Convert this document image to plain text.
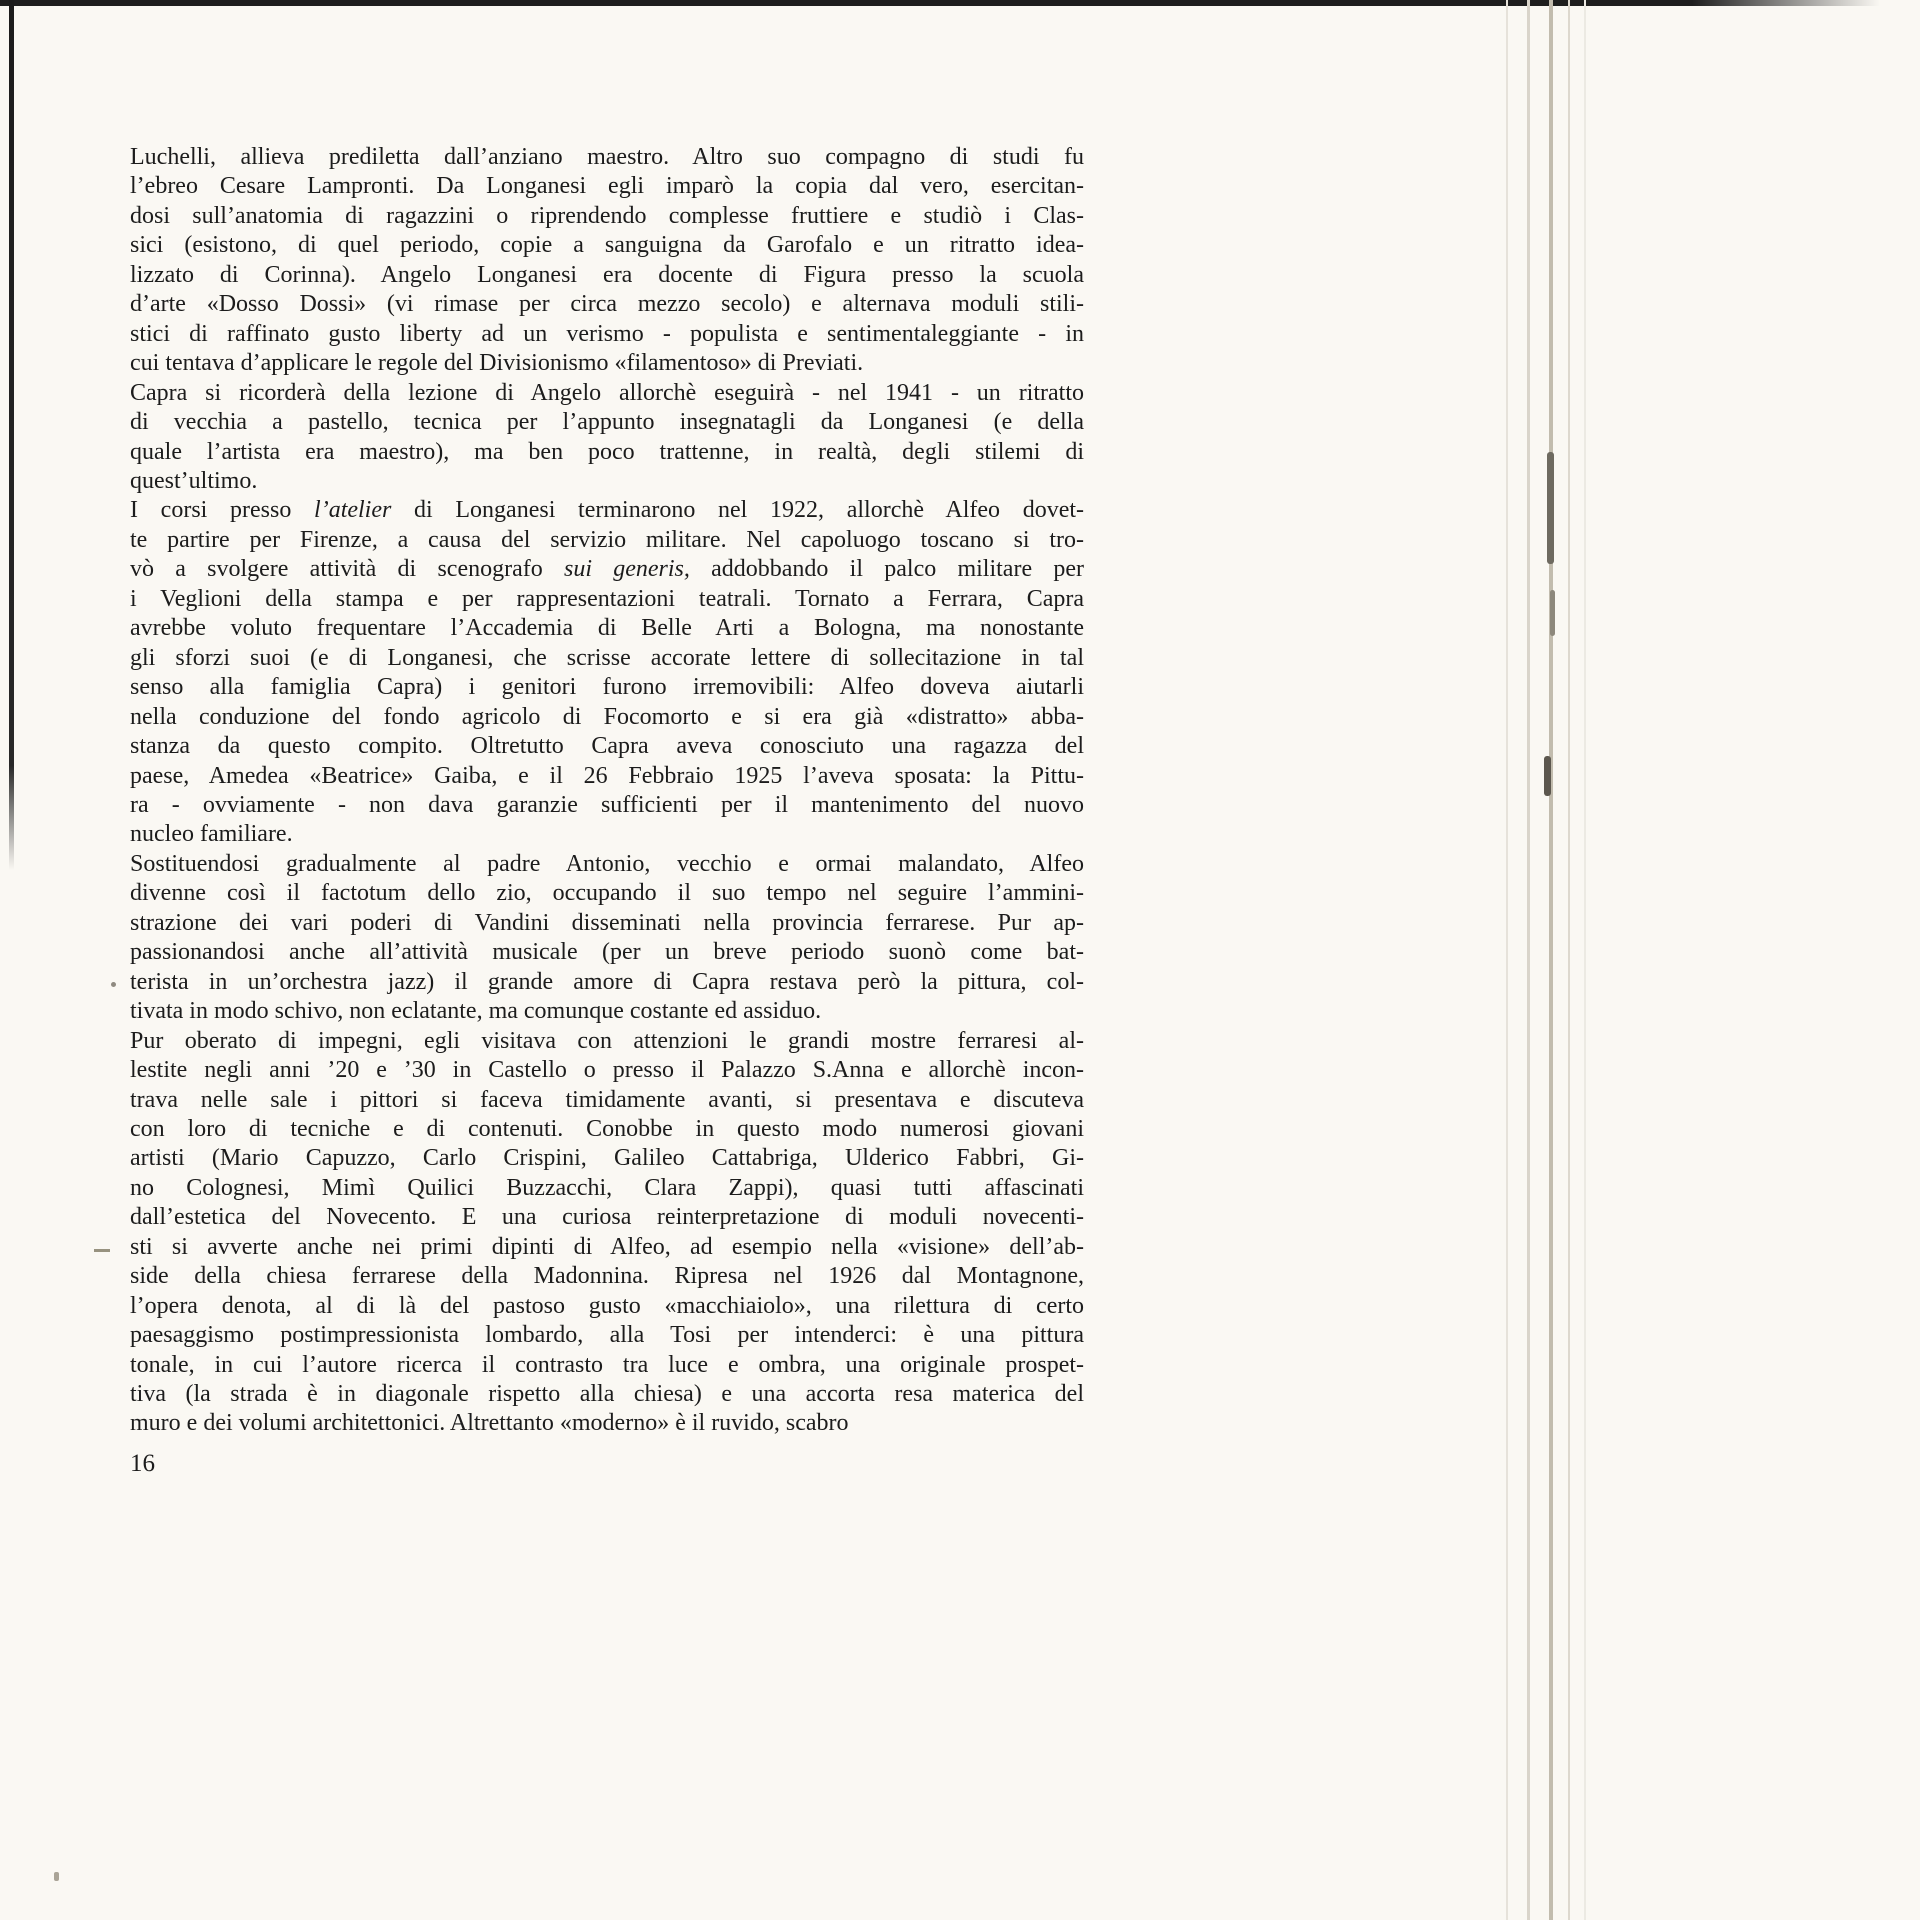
Luchelli, allieva prediletta dall’anziano maestro. Altro suo compagno di studi fu
l’ebreo Cesare Lampronti. Da Longanesi egli imparò la copia dal vero, esercitan-
dosi sull’anatomia di ragazzini o riprendendo complesse fruttiere e studiò i Clas-
sici (esistono, di quel periodo, copie a sanguigna da Garofalo e un ritratto idea-
lizzato di Corinna). Angelo Longanesi era docente di Figura presso la scuola
d’arte «Dosso Dossi» (vi rimase per circa mezzo secolo) e alternava moduli stili-
stici di raffinato gusto liberty ad un verismo - populista e sentimentaleggiante - in
cui tentava d’applicare le regole del Divisionismo «filamentoso» di Previati.
Capra si ricorderà della lezione di Angelo allorchè eseguirà - nel 1941 - un ritratto
di vecchia a pastello, tecnica per l’appunto insegnatagli da Longanesi (e della
quale l’artista era maestro), ma ben poco trattenne, in realtà, degli stilemi di
quest’ultimo.
I corsi presso l’atelier di Longanesi terminarono nel 1922, allorchè Alfeo dovet-
te partire per Firenze, a causa del servizio militare. Nel capoluogo toscano si tro-
vò a svolgere attività di scenografo sui generis, addobbando il palco militare per
i Veglioni della stampa e per rappresentazioni teatrali. Tornato a Ferrara, Capra
avrebbe voluto frequentare l’Accademia di Belle Arti a Bologna, ma nonostante
gli sforzi suoi (e di Longanesi, che scrisse accorate lettere di sollecitazione in tal
senso alla famiglia Capra) i genitori furono irremovibili: Alfeo doveva aiutarli
nella conduzione del fondo agricolo di Focomorto e si era già «distratto» abba-
stanza da questo compito. Oltretutto Capra aveva conosciuto una ragazza del
paese, Amedea «Beatrice» Gaiba, e il 26 Febbraio 1925 l’aveva sposata: la Pittu-
ra - ovviamente - non dava garanzie sufficienti per il mantenimento del nuovo
nucleo familiare.
Sostituendosi gradualmente al padre Antonio, vecchio e ormai malandato, Alfeo
divenne così il factotum dello zio, occupando il suo tempo nel seguire l’ammini-
strazione dei vari poderi di Vandini disseminati nella provincia ferrarese. Pur ap-
passionandosi anche all’attività musicale (per un breve periodo suonò come bat-
terista in un’orchestra jazz) il grande amore di Capra restava però la pittura, col-
tivata in modo schivo, non eclatante, ma comunque costante ed assiduo.
Pur oberato di impegni, egli visitava con attenzioni le grandi mostre ferraresi al-
lestite negli anni ’20 e ’30 in Castello o presso il Palazzo S.Anna e allorchè incon-
trava nelle sale i pittori si faceva timidamente avanti, si presentava e discuteva
con loro di tecniche e di contenuti. Conobbe in questo modo numerosi giovani
artisti (Mario Capuzzo, Carlo Crispini, Galileo Cattabriga, Ulderico Fabbri, Gi-
no Colognesi, Mimì Quilici Buzzacchi, Clara Zappi), quasi tutti affascinati
dall’estetica del Novecento. E una curiosa reinterpretazione di moduli novecenti-
sti si avverte anche nei primi dipinti di Alfeo, ad esempio nella «visione» dell’ab-
side della chiesa ferrarese della Madonnina. Ripresa nel 1926 dal Montagnone,
l’opera denota, al di là del pastoso gusto «macchiaiolo», una rilettura di certo
paesaggismo postimpressionista lombardo, alla Tosi per intenderci: è una pittura
tonale, in cui l’autore ricerca il contrasto tra luce e ombra, una originale prospet-
tiva (la strada è in diagonale rispetto alla chiesa) e una accorta resa materica del
muro e dei volumi architettonici. Altrettanto «moderno» è il ruvido, scabro
16
